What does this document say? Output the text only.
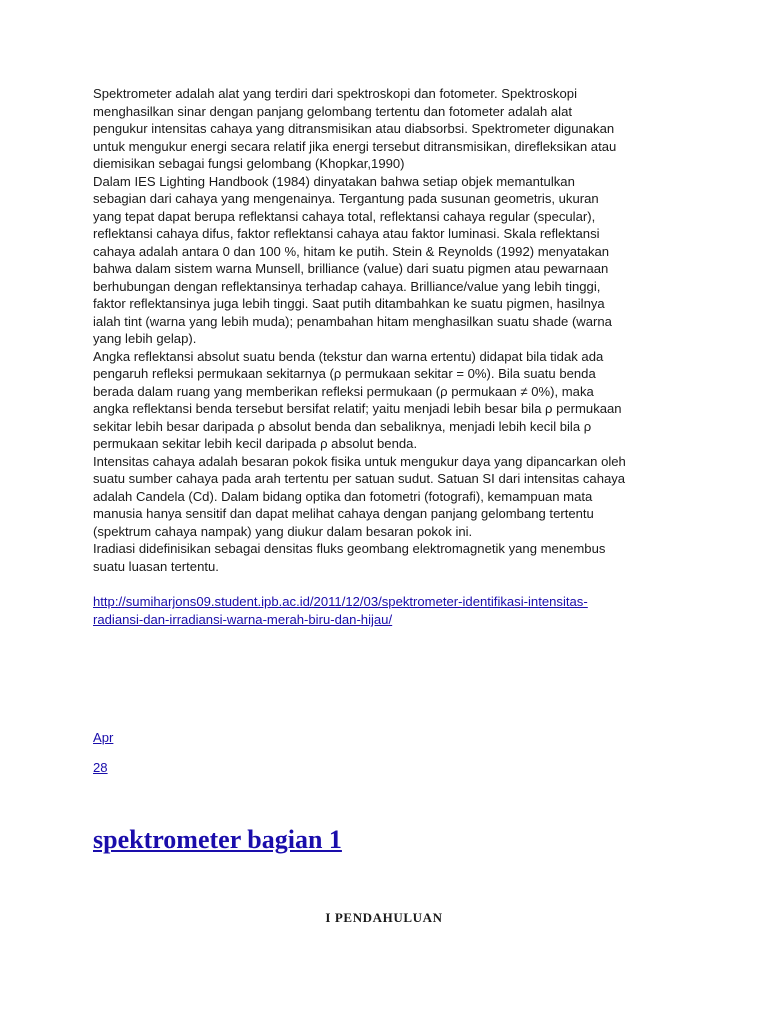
Spektrometer adalah alat yang terdiri dari spektroskopi dan fotometer. Spektroskopi
menghasilkan sinar dengan panjang gelombang tertentu dan fotometer adalah alat
pengukur intensitas cahaya yang ditransmisikan atau diabsorbsi. Spektrometer digunakan
untuk mengukur energi secara relatif jika energi tersebut ditransmisikan, direfleksikan atau
diemisikan sebagai fungsi gelombang (Khopkar,1990)
Dalam IES Lighting Handbook (1984) dinyatakan bahwa setiap objek memantulkan
sebagian dari cahaya yang mengenainya. Tergantung pada susunan geometris, ukuran
yang tepat dapat berupa reflektansi cahaya total, reflektansi cahaya regular (specular),
reflektansi cahaya difus, faktor reflektansi cahaya atau faktor luminasi. Skala reflektansi
cahaya adalah antara 0 dan 100 %, hitam ke putih. Stein & Reynolds (1992) menyatakan
bahwa dalam sistem warna Munsell, brilliance (value) dari suatu pigmen atau pewarnaan
berhubungan dengan reflektansinya terhadap cahaya. Brilliance/value yang lebih tinggi,
faktor reflektansinya juga lebih tinggi. Saat putih ditambahkan ke suatu pigmen, hasilnya
ialah tint (warna yang lebih muda); penambahan hitam menghasilkan suatu shade (warna
yang lebih gelap).
Angka reflektansi absolut suatu benda (tekstur dan warna ertentu) didapat bila tidak ada
pengaruh refleksi permukaan sekitarnya (ρ permukaan sekitar = 0%). Bila suatu benda
berada dalam ruang yang memberikan refleksi permukaan (ρ permukaan ≠ 0%), maka
angka reflektansi benda tersebut bersifat relatif; yaitu menjadi lebih besar bila ρ permukaan
sekitar lebih besar daripada ρ absolut benda dan sebaliknya, menjadi lebih kecil bila ρ
permukaan sekitar lebih kecil daripada ρ absolut benda.
Intensitas cahaya adalah besaran pokok fisika untuk mengukur daya yang dipancarkan oleh
suatu sumber cahaya pada arah tertentu per satuan sudut. Satuan SI dari intensitas cahaya
adalah Candela (Cd). Dalam bidang optika dan fotometri (fotografi), kemampuan mata
manusia hanya sensitif dan dapat melihat cahaya dengan panjang gelombang tertentu
(spektrum cahaya nampak) yang diukur dalam besaran pokok ini.
Iradiasi didefinisikan sebagai densitas fluks geombang elektromagnetik yang menembus
suatu luasan tertentu.
http://sumiharjons09.student.ipb.ac.id/2011/12/03/spektrometer-identifikasi-intensitas-
radiansi-dan-irradiansi-warna-merah-biru-dan-hijau/
Apr
28
spektrometer bagian 1
I PENDAHULUAN
